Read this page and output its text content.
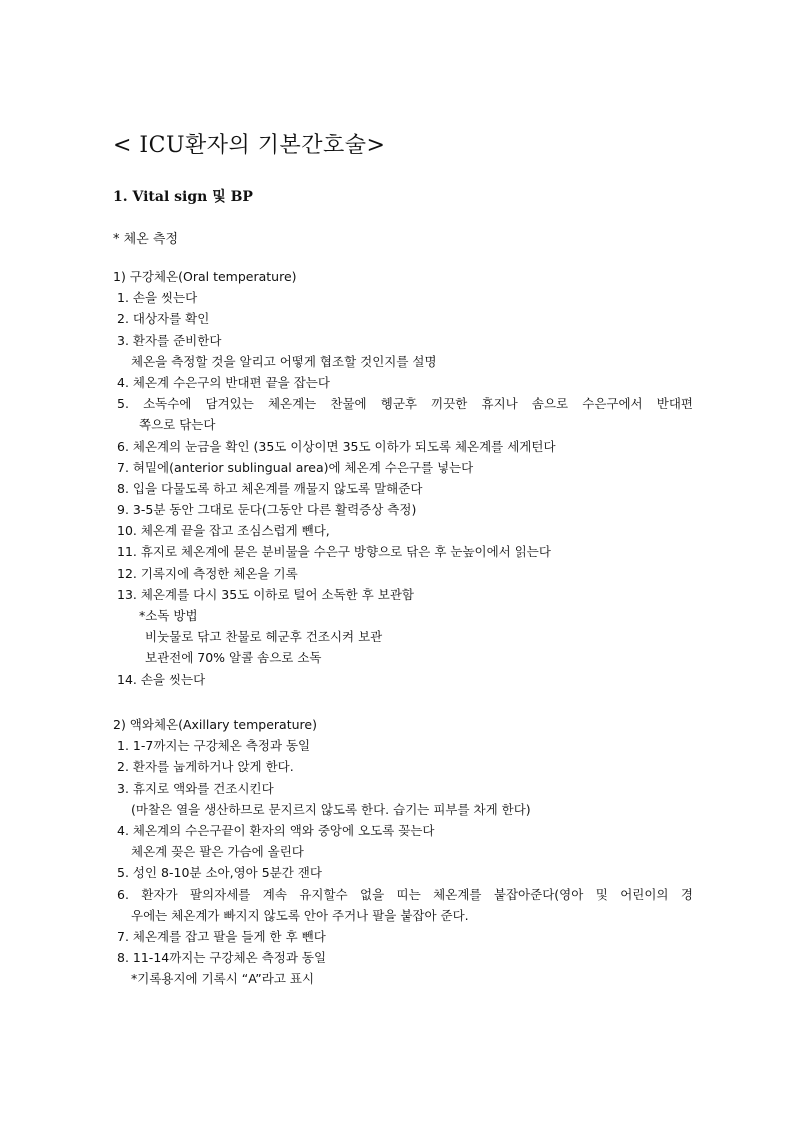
< ICU환자의 기본간호술>
1. Vital sign 및 BP
* 체온 측정
1) 구강체온(Oral temperature)
1. 손을 씻는다
2. 대상자를 확인
3. 환자를 준비한다
체온을 측정할 것을 알리고 어떻게 협조할 것인지를 설명
4. 체온계 수은구의 반대편 끝을 잡는다
5. 소독수에 담겨있는 체온계는 찬물에 헹군후 끼끗한 휴지나 솜으로 수은구에서 반대편
쪽으로 닦는다
6. 체온계의 눈금을 확인 (35도 이상이면 35도 이하가 되도록 체온계를 세게턴다
7. 혀밑에(anterior sublingual area)에 체온계 수은구를 넣는다
8. 입을 다물도록 하고 체온계를 깨물지 않도록 말해준다
9. 3-5분 동안 그대로 둔다(그동안 다른 활력증상 측정)
10. 체온계 끝을 잡고 조심스럽게 뺀다,
11. 휴지로 체온계에 묻은 분비물을 수은구 방향으로 닦은 후 눈높이에서 읽는다
12. 기록지에 측정한 체온을 기록
13. 체온계를 다시 35도 이하로 털어 소독한 후 보관함
*소독 방법
비눗물로 닦고 찬물로 헤군후 건조시켜 보관
보관전에 70% 알콜 솜으로 소독
14. 손을 씻는다
2) 액와체온(Axillary temperature)
1. 1-7까지는 구강체온 측정과 동일
2. 환자를 눕게하거나 앉게 한다.
3. 휴지로 액와를 건조시킨다
(마찰은 열을 생산하므로 문지르지 않도록 한다. 습기는 피부를 차게 한다)
4. 체온계의 수은구끝이 환자의 액와 중앙에 오도록 꽂는다
체온계 꽂은 팔은 가슴에 올린다
5. 성인 8-10분 소아,영아 5분간 잰다
6. 환자가 팔의자세를 계속 유지할수 없을 띠는 체온계를 붙잡아준다(영아 및 어린이의 경
우에는 체온계가 빠지지 않도록 안아 주거나 팔을 붙잡아 준다.
7. 체온계를 잡고 팔을 들게 한 후 뺀다
8. 11-14까지는 구강체온 측정과 동일
*기록용지에 기록시 “A”라고 표시
